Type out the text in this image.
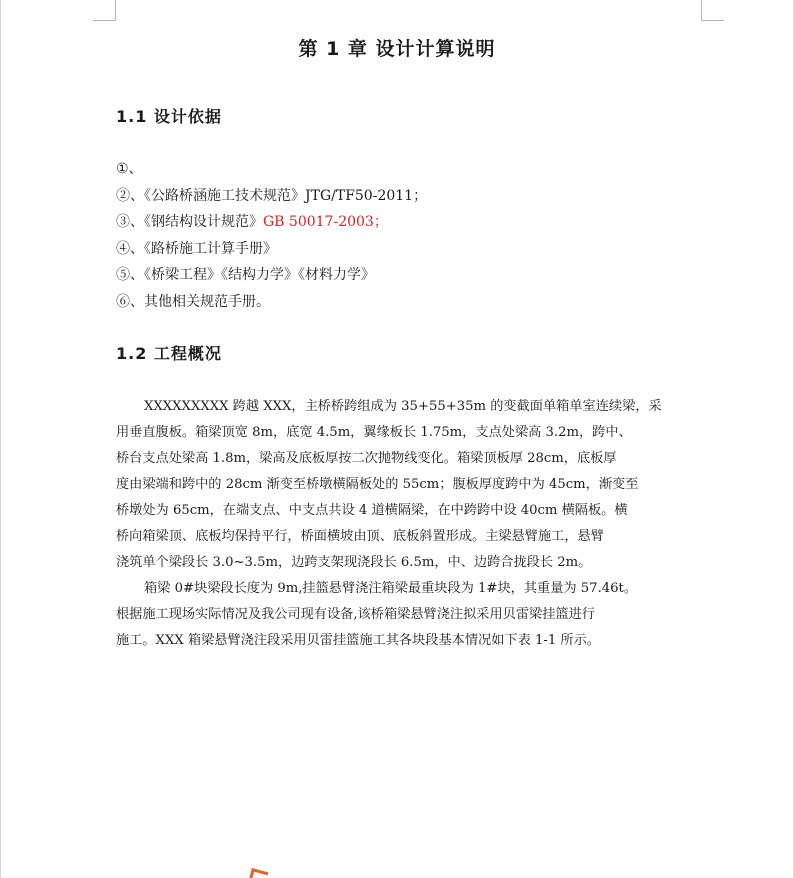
第 1 章 设计计算说明
1.1 设计依据
①、
②、《公路桥涵施工技术规范》JTG/TF50-2011；
③、《钢结构设计规范》GB 50017-2003；
④、《路桥施工计算手册》
⑤、《桥梁工程》《结构力学》《材料力学》
⑥、其他相关规范手册。
1.2 工程概况
XXXXXXXXX 跨越 XXX，主桥桥跨组成为 35+55+35m 的变截面单箱单室连续梁，采
用垂直腹板。箱梁顶宽 8m，底宽 4.5m，翼缘板长 1.75m，支点处梁高 3.2m，跨中、
桥台支点处梁高 1.8m，梁高及底板厚按二次抛物线变化。箱梁顶板厚 28cm，底板厚
度由梁端和跨中的 28cm 渐变至桥墩横隔板处的 55cm；腹板厚度跨中为 45cm，渐变至
桥墩处为 65cm，在端支点、中支点共设 4 道横隔梁，在中跨跨中设 40cm 横隔板。横
桥向箱梁顶、底板均保持平行，桥面横坡由顶、底板斜置形成。主梁悬臂施工，悬臂
浇筑单个梁段长 3.0~3.5m，边跨支架现浇段长 6.5m，中、边跨合拢段长 2m。
箱梁 0#块梁段长度为 9m,挂篮悬臂浇注箱梁最重块段为 1#块，其重量为 57.46t。
根据施工现场实际情况及我公司现有设备,该桥箱梁悬臂浇注拟采用贝雷梁挂篮进行
施工。XXX 箱梁悬臂浇注段采用贝雷挂篮施工其各块段基本情况如下表 1-1 所示。
